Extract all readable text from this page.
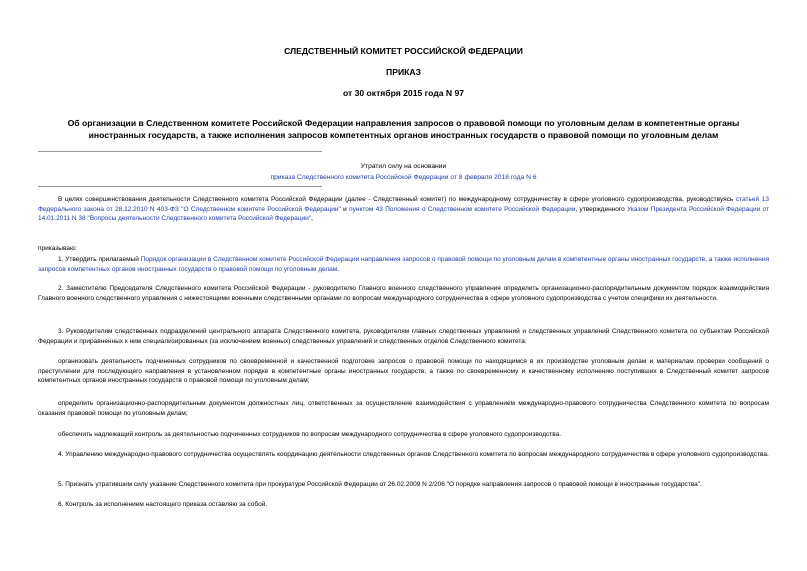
СЛЕДСТВЕННЫЙ КОМИТЕТ РОССИЙСКОЙ ФЕДЕРАЦИИ
ПРИКАЗ
от 30 октября 2015 года N 97
Об организации в Следственном комитете Российской Федерации направления запросов о правовой помощи по уголовным делам в компетентные органы иностранных государств, а также исполнения запросов компетентных органов иностранных государств о правовой помощи по уголовным делам
Утратил силу на основании
приказа Следственного комитета Российской Федерации от 8 февраля 2018 года N 6

В целях совершенствования деятельности Следственного комитета Российской Федерации (далее - Следственный комитет) по международному сотрудничеству в сфере уголовного судопроизводства, руководствуясь статьей 13 Федерального закона от 28.12.2010 N 403-ФЗ "О Следственном комитете Российской Федерации" и пунктом 43 Положения о Следственном комитете Российской Федерации, утвержденного Указом Президента Российской Федерации от 14.01.2011 N 38 "Вопросы деятельности Следственного комитета Российской Федерации",

приказываю:

1. Утвердить прилагаемый Порядок организации в Следственном комитете Российской Федерации направления запросов о правовой помощи по уголовным делам в компетентные органы иностранных государств, а также исполнения запросов компетентных органов иностранных государств о правовой помощи по уголовным делам.

2. Заместителю Председателя Следственного комитета Российской Федерации - руководителю Главного военного следственного управления определить организационно-распорядительным документом порядок взаимодействия Главного военного следственного управления с нижестоящими военными следственными органами по вопросам международного сотрудничества в сфере уголовного судопроизводства с учетом специфики их деятельности.

3. Руководителям следственных подразделений центрального аппарата Следственного комитета, руководителям главных следственных управлений и следственных управлений Следственного комитета по субъектам Российской Федерации и приравненных к ним специализированных (за исключением военных) следственных управлений и следственных отделов Следственного комитета:

организовать деятельность подчиненных сотрудников по своевременной и качественной подготовке запросов о правовой помощи по находящимся в их производстве уголовным делам и материалам проверки сообщений о преступлении для последующего направления в установленном порядке в компетентные органы иностранных государств, а также по своевременному и качественному исполнению поступивших в Следственный комитет запросов компетентных органов иностранных государств о правовой помощи по уголовным делам;

определить организационно-распорядительным документом должностных лиц, ответственных за осуществление взаимодействия с управлением международно-правового сотрудничества Следственного комитета по вопросам оказания правовой помощи по уголовным делам;

обеспечить надлежащий контроль за деятельностью подчиненных сотрудников по вопросам международного сотрудничества в сфере уголовного судопроизводства.

4. Управлению международно-правового сотрудничества осуществлять координацию деятельности следственных органов Следственного комитета по вопросам международного сотрудничества в сфере уголовного судопроизводства.

5. Признать утратившим силу указание Следственного комитета при прокуратуре Российской Федерации от 26.02.2009 N 2/206 "О порядке направления запросов о правовой помощи в иностранные государства".

6. Контроль за исполнением настоящего приказа оставляю за собой.
